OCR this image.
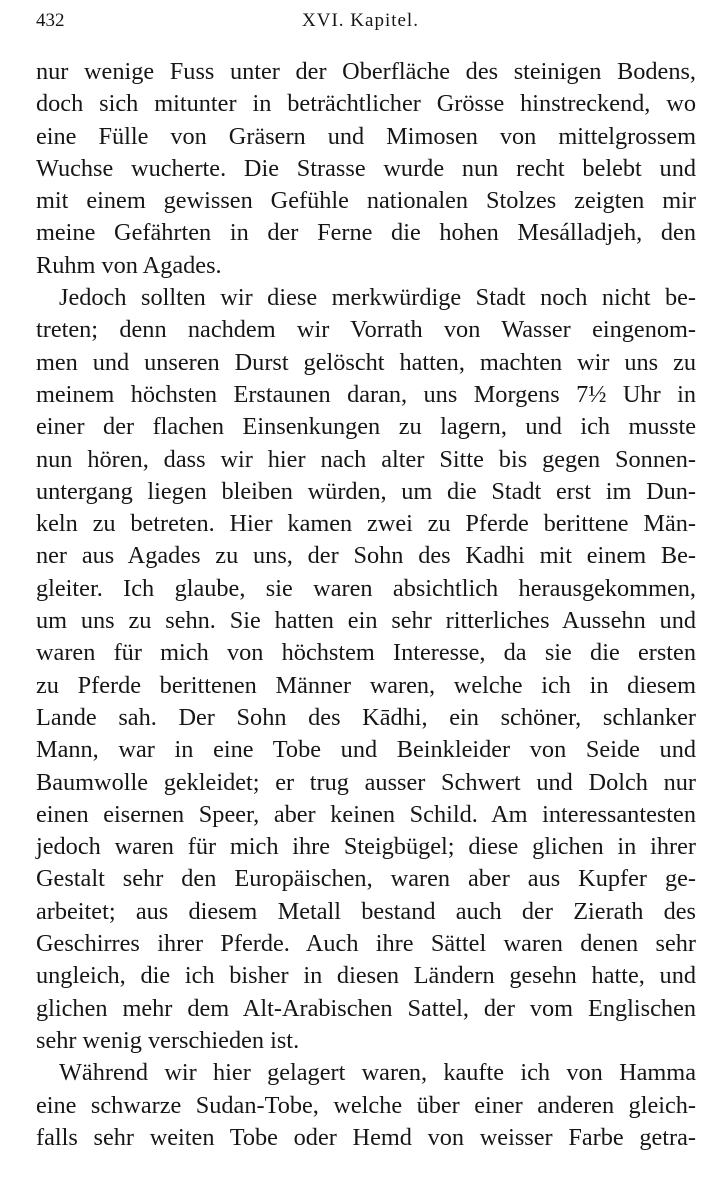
432	XVI. Kapitel.
nur wenige Fuss unter der Oberfläche des steinigen Bodens,
doch sich mitunter in beträchtlicher Grösse hinstreckend, wo
eine Fülle von Gräsern und Mimosen von mittelgrossem
Wuchse wucherte. Die Strasse wurde nun recht belebt und
mit einem gewissen Gefühle nationalen Stolzes zeigten mir
meine Gefährten in der Ferne die hohen Mesálladjeh, den
Ruhm von Agades.
Jedoch sollten wir diese merkwürdige Stadt noch nicht be-
treten; denn nachdem wir Vorrath von Wasser eingenom-
men und unseren Durst gelöscht hatten, machten wir uns zu
meinem höchsten Erstaunen daran, uns Morgens 7½ Uhr in
einer der flachen Einsenkungen zu lagern, und ich musste
nun hören, dass wir hier nach alter Sitte bis gegen Sonnen-
untergang liegen bleiben würden, um die Stadt erst im Dun-
keln zu betreten. Hier kamen zwei zu Pferde berittene Män-
ner aus Agades zu uns, der Sohn des Kadhi mit einem Be-
gleiter. Ich glaube, sie waren absichtlich herausgekommen,
um uns zu sehn. Sie hatten ein sehr ritterliches Aussehn und
waren für mich von höchstem Interesse, da sie die ersten
zu Pferde berittenen Männer waren, welche ich in diesem
Lande sah. Der Sohn des Kādhi, ein schöner, schlanker
Mann, war in eine Tobe und Beinkleider von Seide und
Baumwolle gekleidet; er trug ausser Schwert und Dolch nur
einen eisernen Speer, aber keinen Schild. Am interessantesten
jedoch waren für mich ihre Steigbügel; diese glichen in ihrer
Gestalt sehr den Europäischen, waren aber aus Kupfer ge-
arbeitet; aus diesem Metall bestand auch der Zierath des
Geschirres ihrer Pferde. Auch ihre Sättel waren denen sehr
ungleich, die ich bisher in diesen Ländern gesehn hatte, und
glichen mehr dem Alt-Arabischen Sattel, der vom Englischen
sehr wenig verschieden ist.
Während wir hier gelagert waren, kaufte ich von Hamma
eine schwarze Sudan-Tobe, welche über einer anderen gleich-
falls sehr weiten Tobe oder Hemd von weisser Farbe getra-
